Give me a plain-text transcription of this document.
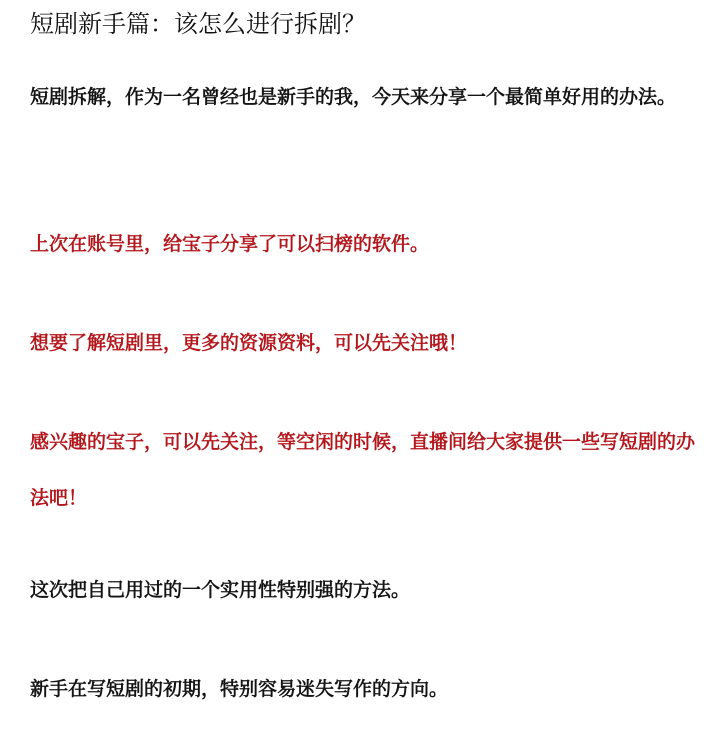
短剧新手篇：该怎么进行拆剧？

短剧拆解，作为一名曾经也是新手的我，今天来分享一个最简单好用的办法。

上次在账号里，给宝子分享了可以扫榜的软件。

想要了解短剧里，更多的资源资料，可以先关注哦！

感兴趣的宝子，可以先关注，等空闲的时候，直播间给大家提供一些写短剧的办法吧！

这次把自己用过的一个实用性特别强的方法。

新手在写短剧的初期，特别容易迷失写作的方向。
